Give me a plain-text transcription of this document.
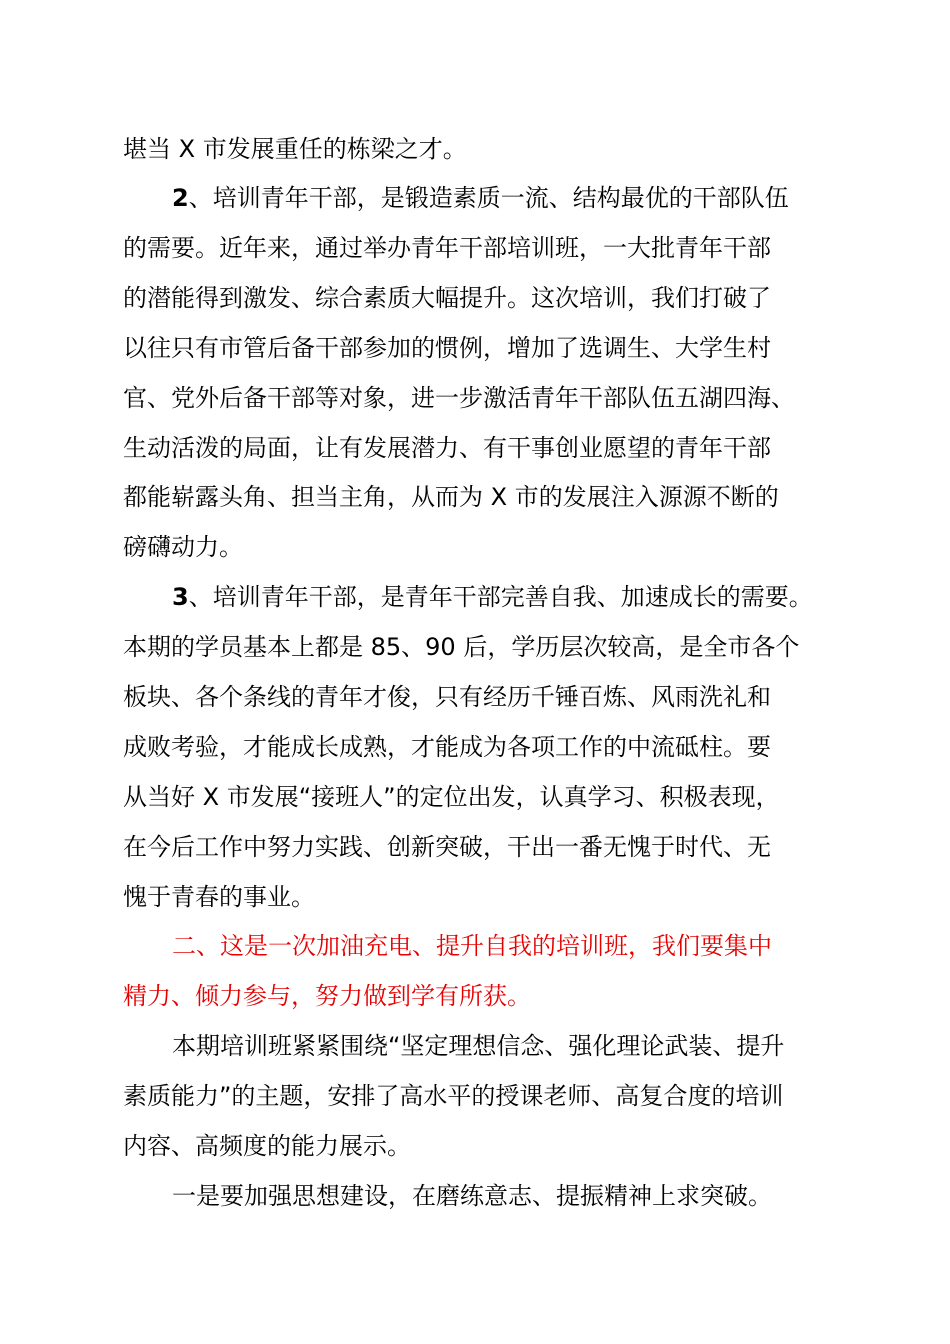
堪当 X 市发展重任的栋梁之才。
2、培训青年干部，是锻造素质一流、结构最优的干部队伍
的需要。近年来，通过举办青年干部培训班，一大批青年干部
的潜能得到激发、综合素质大幅提升。这次培训，我们打破了
以往只有市管后备干部参加的惯例，增加了选调生、大学生村
官、党外后备干部等对象，进一步激活青年干部队伍五湖四海、
生动活泼的局面，让有发展潜力、有干事创业愿望的青年干部
都能崭露头角、担当主角，从而为 X 市的发展注入源源不断的
磅礴动力。
3、培训青年干部，是青年干部完善自我、加速成长的需要。
本期的学员基本上都是 85、90 后，学历层次较高，是全市各个
板块、各个条线的青年才俊，只有经历千锤百炼、风雨洗礼和
成败考验，才能成长成熟，才能成为各项工作的中流砥柱。要
从当好 X 市发展“接班人”的定位出发，认真学习、积极表现，
在今后工作中努力实践、创新突破，干出一番无愧于时代、无
愧于青春的事业。
二、这是一次加油充电、提升自我的培训班，我们要集中
精力、倾力参与，努力做到学有所获。
本期培训班紧紧围绕“坚定理想信念、强化理论武装、提升
素质能力”的主题，安排了高水平的授课老师、高复合度的培训
内容、高频度的能力展示。
一是要加强思想建设，在磨练意志、提振精神上求突破。
